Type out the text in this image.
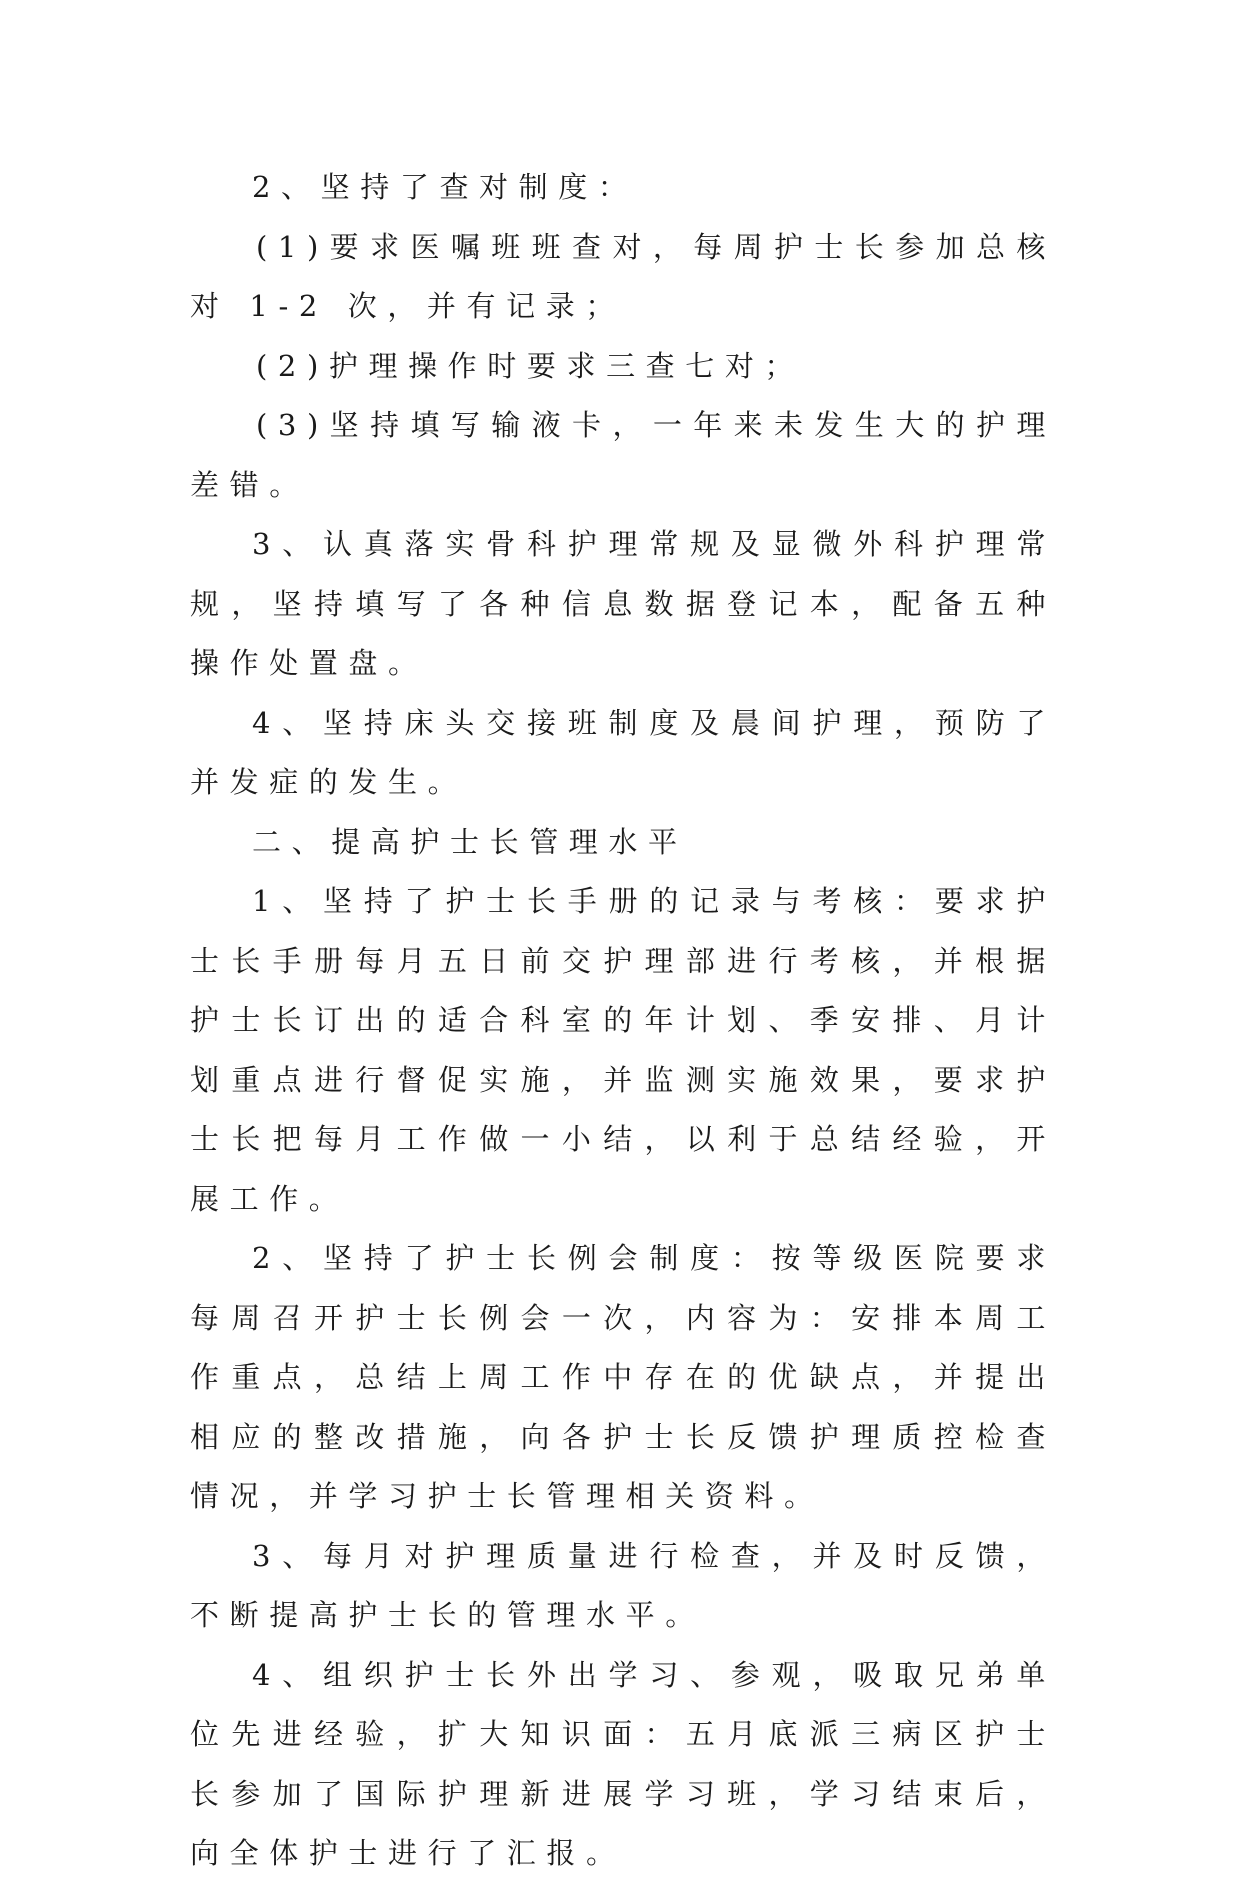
2、坚持了查对制度：

(1)要求医嘱班班查对，每周护士长参加总核对 1-2 次，并有记录；

(2)护理操作时要求三查七对；

(3)坚持填写输液卡，一年来未发生大的护理差错。

3、认真落实骨科护理常规及显微外科护理常规，坚持填写了各种信息数据登记本，配备五种操作处置盘。

4、坚持床头交接班制度及晨间护理，预防了并发症的发生。

二、提高护士长管理水平

1、坚持了护士长手册的记录与考核：要求护士长手册每月五日前交护理部进行考核，并根据护士长订出的适合科室的年计划、季安排、月计划重点进行督促实施，并监测实施效果，要求护士长把每月工作做一小结，以利于总结经验，开展工作。

2、坚持了护士长例会制度：按等级医院要求每周召开护士长例会一次，内容为：安排本周工作重点，总结上周工作中存在的优缺点，并提出相应的整改措施，向各护士长反馈护理质控检查情况，并学习护士长管理相关资料。

3、每月对护理质量进行检查，并及时反馈，不断提高护士长的管理水平。

4、组织护士长外出学习、参观，吸取兄弟单位先进经验，扩大知识面：五月底派三病区护士长参加了国际护理新进展学习班，学习结束后，向全体护士进行了汇报。
